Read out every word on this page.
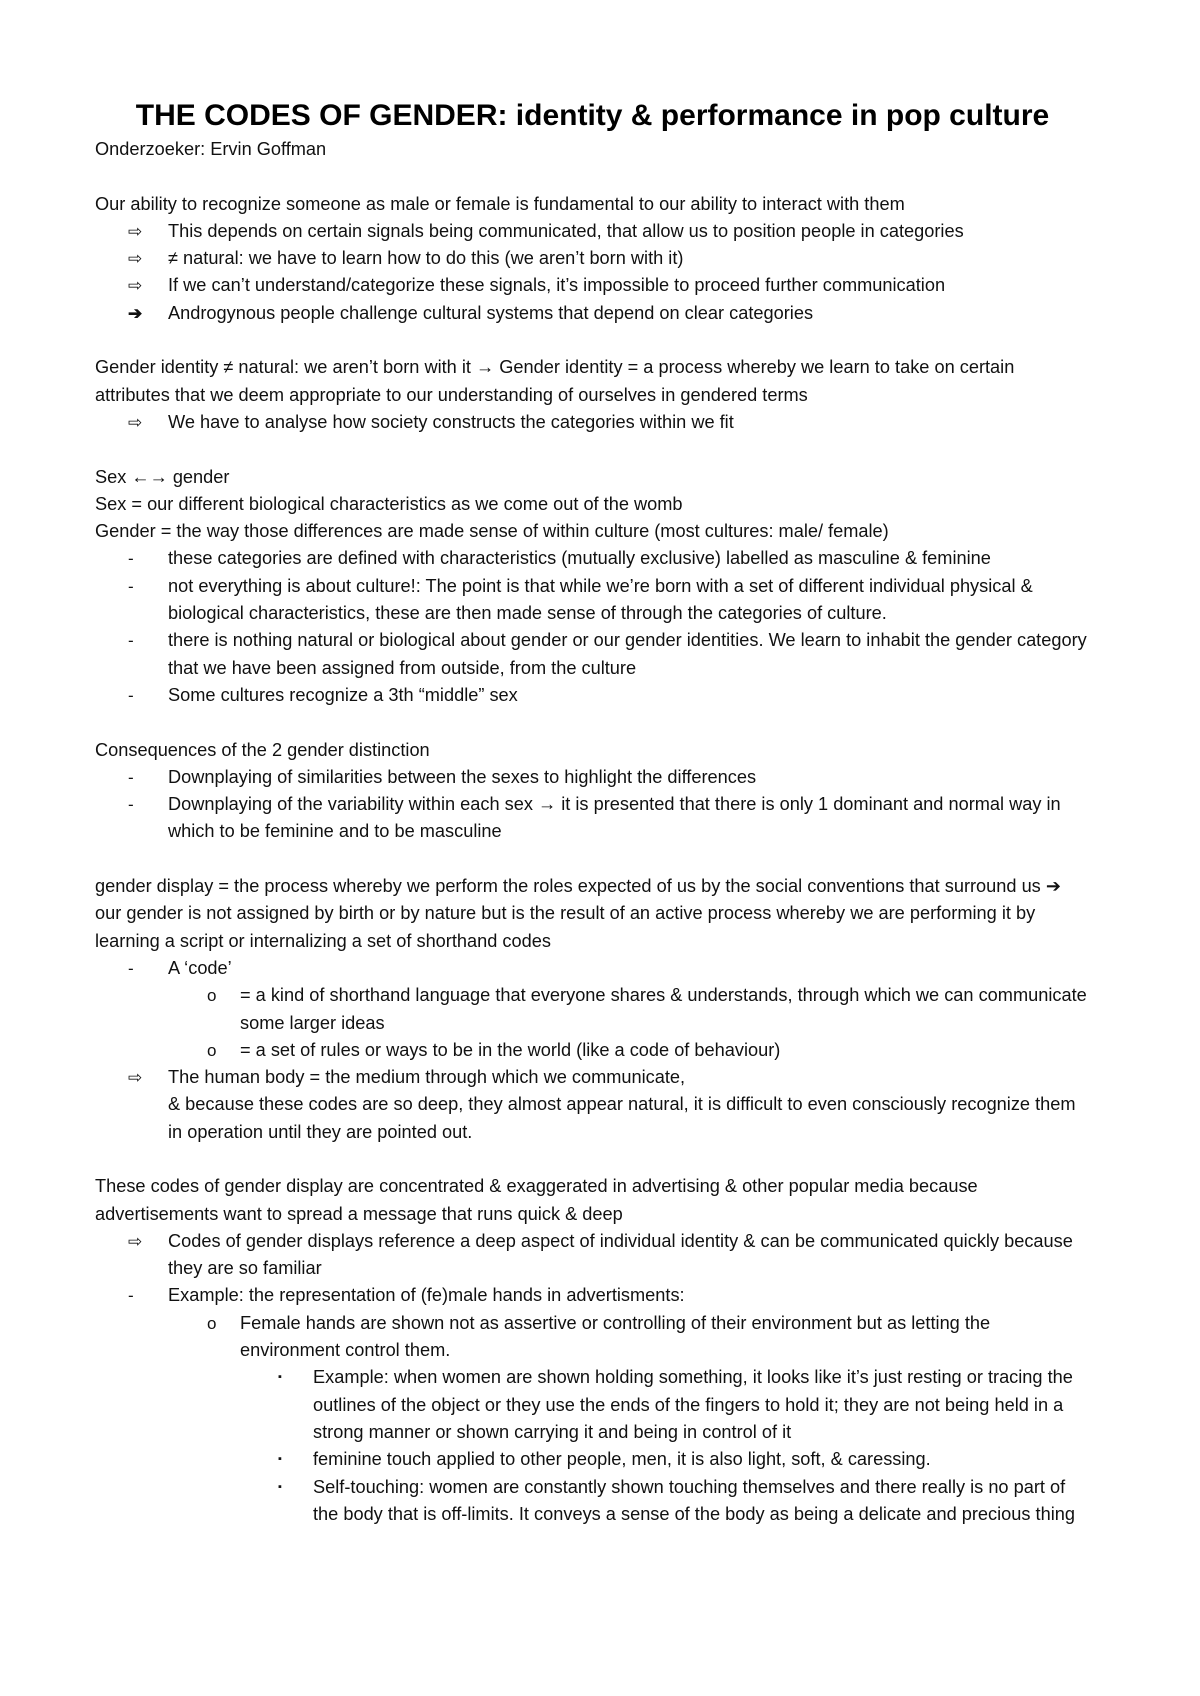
THE CODES OF GENDER: identity & performance in pop culture

Onderzoeker: Ervin Goffman

Our ability to recognize someone as male or female is fundamental to our ability to interact with them

⇨ This depends on certain signals being communicated, that allow us to position people in categories
⇨ ≠ natural: we have to learn how to do this (we aren’t born with it)
⇨ If we can’t understand/categorize these signals, it’s impossible to proceed further communication
➔ Androgynous people challenge cultural systems that depend on clear categories

Gender identity ≠ natural: we aren’t born with it → Gender identity = a process whereby we learn to take on certain attributes that we deem appropriate to our understanding of ourselves in gendered terms

⇨ We have to analyse how society constructs the categories within we fit

Sex ←→ gender

Sex = our different biological characteristics as we come out of the womb

Gender = the way those differences are made sense of within culture (most cultures: male/ female)

- these categories are defined with characteristics (mutually exclusive) labelled as masculine & feminine
- not everything is about culture!: The point is that while we’re born with a set of different individual physical & biological characteristics, these are then made sense of through the categories of culture.
- there is nothing natural or biological about gender or our gender identities. We learn to inhabit the gender category that we have been assigned from outside, from the culture
- Some cultures recognize a 3th “middle” sex

Consequences of the 2 gender distinction

- Downplaying of similarities between the sexes to highlight the differences
- Downplaying of the variability within each sex → it is presented that there is only 1 dominant and normal way in which to be feminine and to be masculine

gender display = the process whereby we perform the roles expected of us by the social conventions that surround us ➔ our gender is not assigned by birth or by nature but is the result of an active process whereby we are performing it by learning a script or internalizing a set of shorthand codes

- A ‘code’
o = a kind of shorthand language that everyone shares & understands, through which we can communicate some larger ideas
o = a set of rules or ways to be in the world (like a code of behaviour)
⇨ The human body = the medium through which we communicate,
& because these codes are so deep, they almost appear natural, it is difficult to even consciously recognize them in operation until they are pointed out.

These codes of gender display are concentrated & exaggerated in advertising & other popular media because advertisements want to spread a message that runs quick & deep

⇨ Codes of gender displays reference a deep aspect of individual identity & can be communicated quickly because they are so familiar
- Example: the representation of (fe)male hands in advertisments:
o Female hands are shown not as assertive or controlling of their environment but as letting the environment control them.
▪ Example: when women are shown holding something, it looks like it’s just resting or tracing the outlines of the object or they use the ends of the fingers to hold it; they are not being held in a strong manner or shown carrying it and being in control of it
▪ feminine touch applied to other people, men, it is also light, soft, & caressing.
▪ Self-touching: women are constantly shown touching themselves and there really is no part of the body that is off-limits. It conveys a sense of the body as being a delicate and precious thing
